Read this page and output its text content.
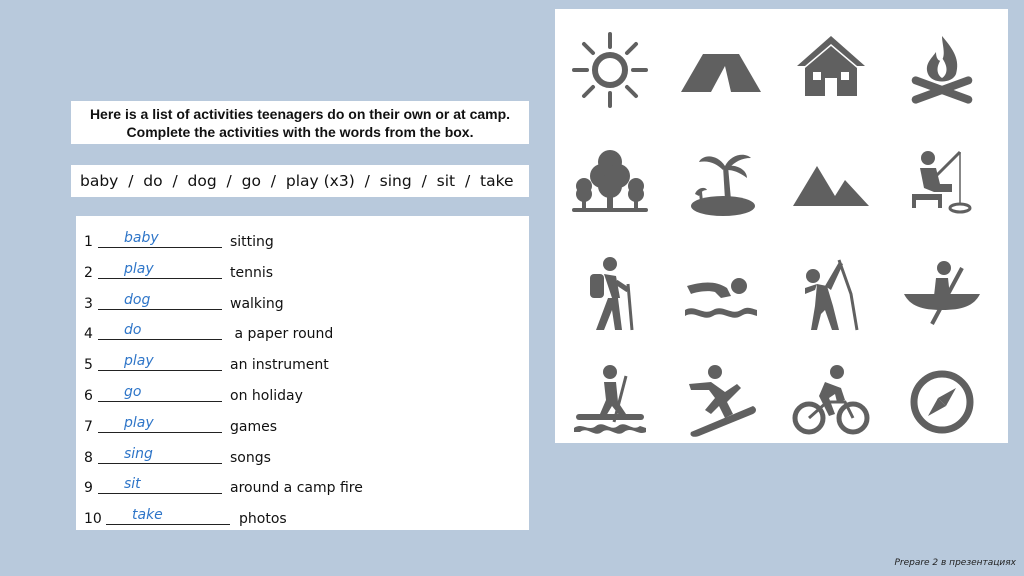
Here is a list of activities teenagers do on their own or at camp. Complete the activities with the words from the box.
baby  /  do  /  dog  /  go  /  play (x3)  /  sing  /  sit  /  take
1 baby	sitting
2 play	tennis
3 dog	walking
4 do	a paper round
5 play	an instrument
6 go	on holiday
7 play	games
8 sing	songs
9 sit	around a camp fire
10 take	photos
Prepare 2 в презентациях
